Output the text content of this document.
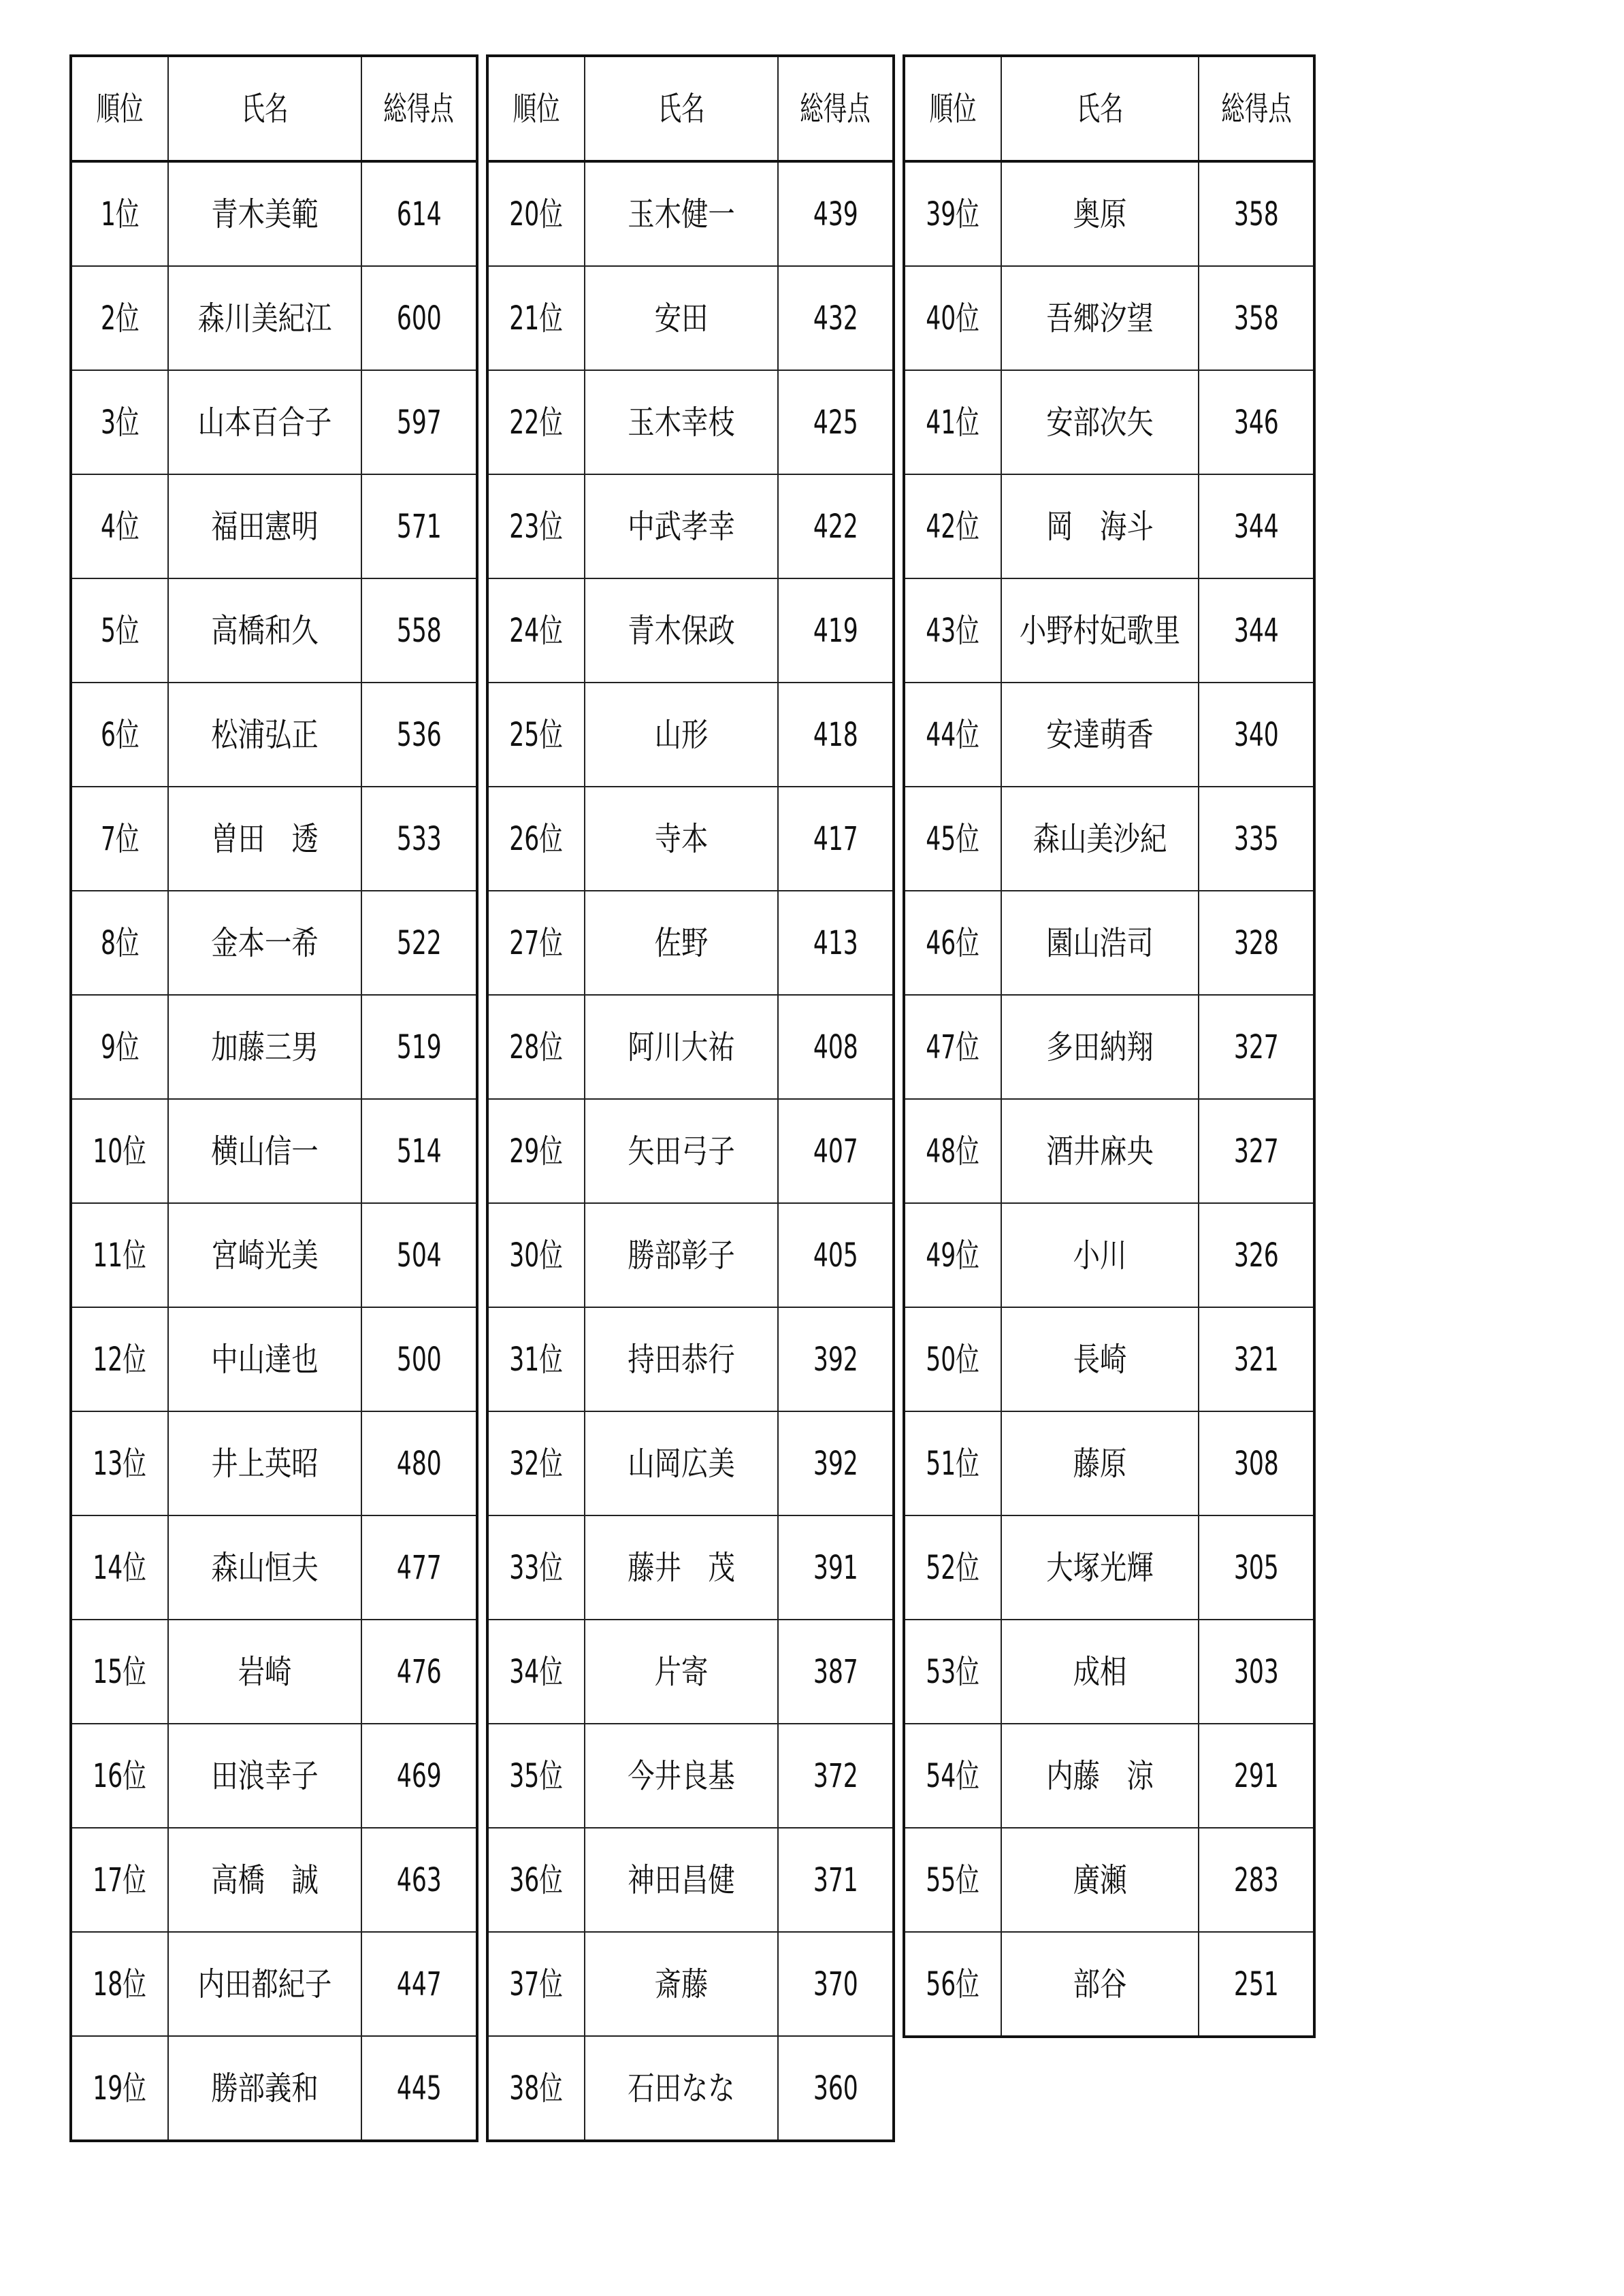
順位	氏名	総得点
1位	青木美範	614
2位	森川美紀江	600
3位	山本百合子	597
4位	福田憲明	571
5位	高橋和久	558
6位	松浦弘正	536
7位	曽田　透	533
8位	金本一希	522
9位	加藤三男	519
10位	横山信一	514
11位	宮崎光美	504
12位	中山達也	500
13位	井上英昭	480
14位	森山恒夫	477
15位	岩崎	476
16位	田浪幸子	469
17位	高橋　誠	463
18位	内田都紀子	447
19位	勝部義和	445
順位	氏名	総得点
20位	玉木健一	439
21位	安田	432
22位	玉木幸枝	425
23位	中武孝幸	422
24位	青木保政	419
25位	山形	418
26位	寺本	417
27位	佐野	413
28位	阿川大祐	408
29位	矢田弓子	407
30位	勝部彰子	405
31位	持田恭行	392
32位	山岡広美	392
33位	藤井　茂	391
34位	片寄	387
35位	今井良基	372
36位	神田昌健	371
37位	斎藤	370
38位	石田なな	360
順位	氏名	総得点
39位	奥原	358
40位	吾郷汐望	358
41位	安部次矢	346
42位	岡　海斗	344
43位	小野村妃歌里	344
44位	安達萌香	340
45位	森山美沙紀	335
46位	園山浩司	328
47位	多田納翔	327
48位	酒井麻央	327
49位	小川	326
50位	長崎	321
51位	藤原	308
52位	大塚光輝	305
53位	成相	303
54位	内藤　涼	291
55位	廣瀬	283
56位	部谷	251
